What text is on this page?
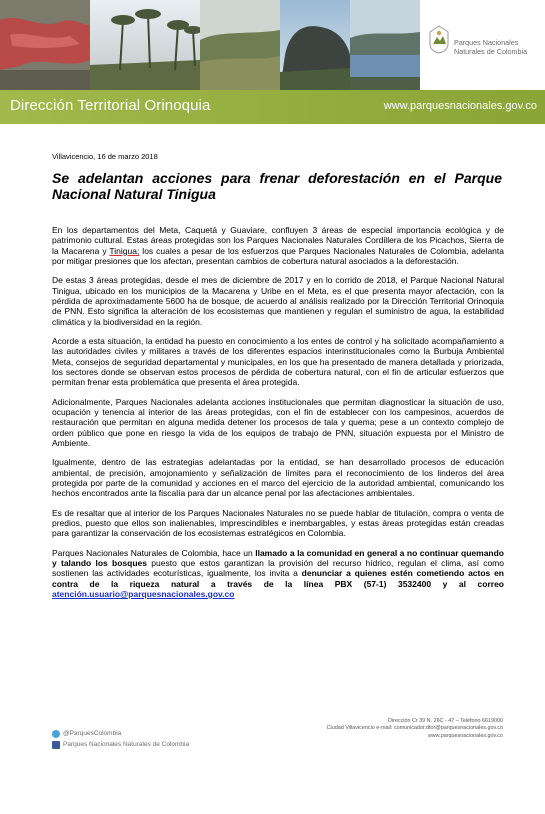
Parques Nacionales
Naturales de Colombia
Dirección Territorial Orinoquia	www.parquesnacionales.gov.co
Villavicencio, 16 de marzo 2018
Se adelantan acciones para frenar deforestación en el Parque Nacional Natural Tinigua

En los departamentos del Meta, Caquetá y Guaviare, confluyen 3 áreas de especial importancia ecológica y de patrimonio cultural. Estas áreas protegidas son los Parques Nacionales Naturales Cordillera de los Picachos, Sierra de la Macarena y Tinigua; los cuales a pesar de los esfuerzos que Parques Nacionales Naturales de Colombia, adelanta por mitigar presiones que los afectan, presentan cambios de cobertura natural asociados a la deforestación.

De estas 3 áreas protegidas, desde el mes de diciembre de 2017 y en lo corrido de 2018, el Parque Nacional Natural Tinigua, ubicado en los municipios de la Macarena y Uribe en el Meta, es el que presenta mayor afectación, con la pérdida de aproximadamente 5600 ha de bosque, de acuerdo al análisis realizado por la Dirección Territorial Orinoquia de PNN. Esto significa la alteración de los ecosistemas que mantienen y regulan el suministro de agua, la estabilidad climática y la biodiversidad en la región.

Acorde a esta situación, la entidad ha puesto en conocimiento a los entes de control y ha solicitado acompañamiento a las autoridades civiles y militares a través de los diferentes espacios interinstitucionales como la Burbuja Ambiental Meta, consejos de seguridad departamental y municipales, en los que ha presentado de manera detallada y priorizada, los sectores donde se observan estos procesos de pérdida de cobertura natural, con el fin de articular esfuerzos que permitan frenar esta problemática que presenta el área protegida.

Adicionalmente, Parques Nacionales adelanta acciones institucionales que permitan diagnosticar la situación de uso, ocupación y tenencia al interior de las áreas protegidas, con el fin de establecer con los campesinos, acuerdos de restauración que permitan en alguna medida detener los procesos de tala y quema; pese a un contexto complejo de orden público que pone en riesgo la vida de los equipos de trabajo de PNN, situación expuesta por el Ministro de Ambiente.

Igualmente, dentro de las estrategias adelantadas por la entidad, se han desarrollado procesos de educación ambiental, de precisión, amojonamiento y señalización de límites para el reconocimiento de los linderos del área protegida por parte de la comunidad y acciones en el marco del ejercicio de la autoridad ambiental, comunicando los hechos encontrados ante la fiscalía para dar un alcance penal por las afectaciones ambientales.

Es de resaltar que al interior de los Parques Nacionales Naturales no se puede hablar de titulación, compra o venta de predios, puesto que ellos son inalienables, imprescindibles e inembargables, y estas áreas protegidas están creadas para garantizar la conservación de los ecosistemas estratégicos en Colombia.

Parques Nacionales Naturales de Colombia, hace un llamado a la comunidad en general a no continuar quemando y talando los bosques puesto que estos garantizan la provisión del recurso hídrico, regulan el clima, así como sostienen las actividades ecoturísticas, igualmente, los invita a denunciar a quienes estén cometiendo actos en contra de la riqueza natural a través de la línea PBX (57-1) 3532400 y al correo atención.usuario@parquesnacionales.gov.co

@ParquesColombia
Parques Nacionales Naturales de Colombia
Dirección Cr 39 N. 26C - 47 – Teléfono 6619000
Ciudad Villavicencio e-mail: comunicador.dtor@parquesnacionales.gov.co
www.parquesnacionales.gov.co
